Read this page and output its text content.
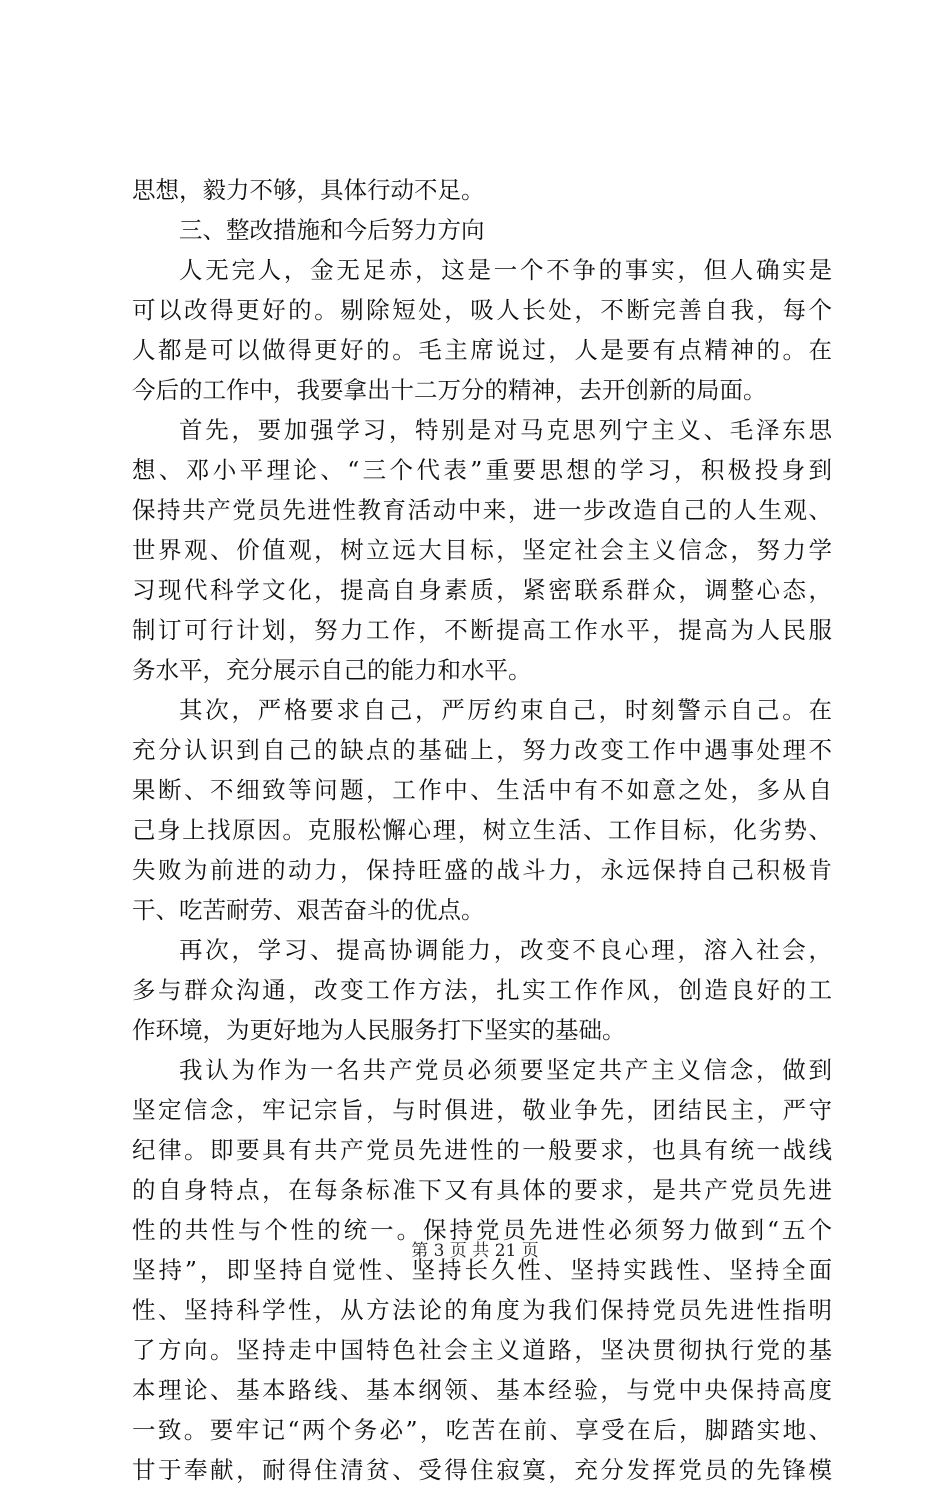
思想，毅力不够，具体行动不足。
三、整改措施和今后努力方向
人无完人，金无足赤，这是一个不争的事实，但人确实是
可以改得更好的。剔除短处，吸人长处，不断完善自我，每个
人都是可以做得更好的。毛主席说过，人是要有点精神的。在
今后的工作中，我要拿出十二万分的精神，去开创新的局面。
首先，要加强学习，特别是对马克思列宁主义、毛泽东思
想、邓小平理论、“三个代表”重要思想的学习，积极投身到
保持共产党员先进性教育活动中来，进一步改造自己的人生观、
世界观、价值观，树立远大目标，坚定社会主义信念，努力学
习现代科学文化，提高自身素质，紧密联系群众，调整心态，
制订可行计划，努力工作，不断提高工作水平，提高为人民服
务水平，充分展示自己的能力和水平。
其次，严格要求自己，严厉约束自己，时刻警示自己。在
充分认识到自己的缺点的基础上，努力改变工作中遇事处理不
果断、不细致等问题，工作中、生活中有不如意之处，多从自
己身上找原因。克服松懈心理，树立生活、工作目标，化劣势、
失败为前进的动力，保持旺盛的战斗力，永远保持自己积极肯
干、吃苦耐劳、艰苦奋斗的优点。
再次，学习、提高协调能力，改变不良心理，溶入社会，
多与群众沟通，改变工作方法，扎实工作作风，创造良好的工
作环境，为更好地为人民服务打下坚实的基础。
我认为作为一名共产党员必须要坚定共产主义信念，做到
坚定信念，牢记宗旨，与时俱进，敬业争先，团结民主，严守
纪律。即要具有共产党员先进性的一般要求，也具有统一战线
的自身特点，在每条标准下又有具体的要求，是共产党员先进
性的共性与个性的统一。保持党员先进性必须努力做到“五个
坚持”，即坚持自觉性、坚持长久性、坚持实践性、坚持全面
性、坚持科学性，从方法论的角度为我们保持党员先进性指明
了方向。坚持走中国特色社会主义道路，坚决贯彻执行党的基
本理论、基本路线、基本纲领、基本经验，与党中央保持高度
一致。要牢记“两个务必”，吃苦在前、享受在后，脚踏实地、
甘于奉献，耐得住清贫、受得住寂寞，充分发挥党员的先锋模
第 3 页 共 21 页
